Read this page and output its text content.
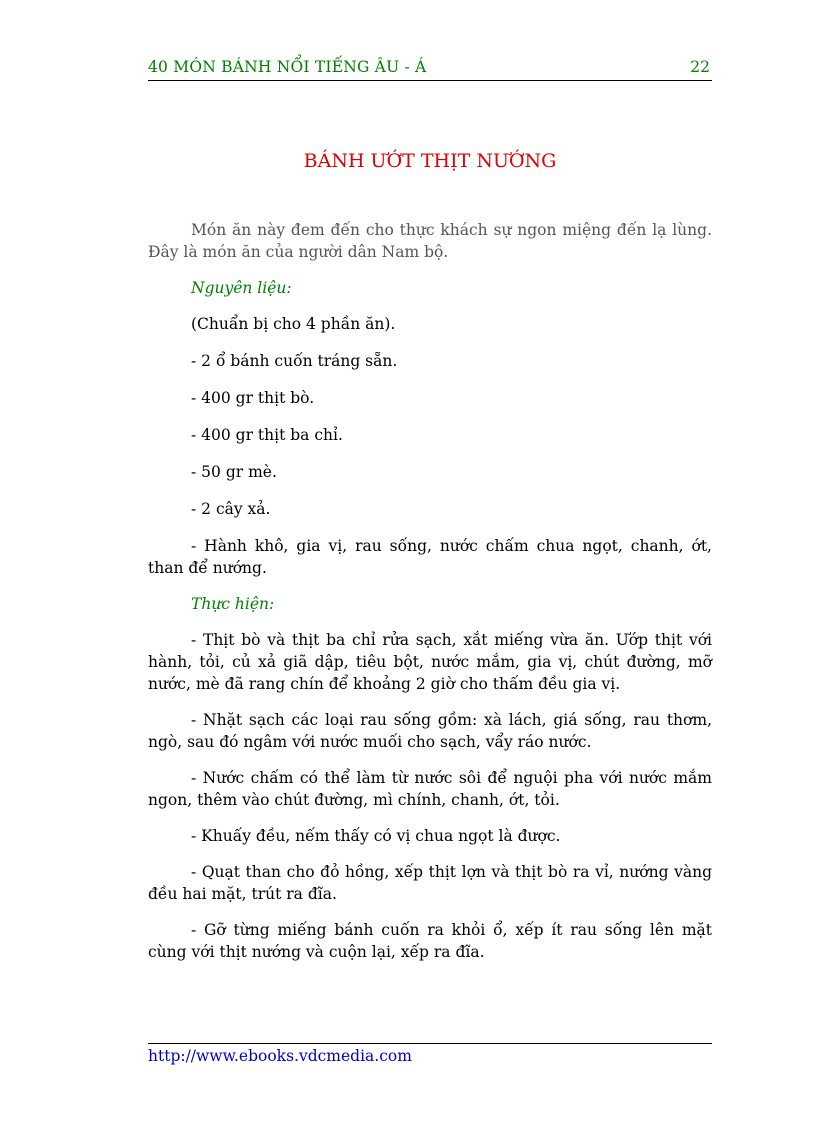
40 MÓN BÁNH NỔI TIẾNG ÂU - Á	22
BÁNH ƯỚT THỊT NƯỚNG

Món ăn này đem đến cho thực khách sự ngon miệng đến lạ lùng. Đây là món ăn của người dân Nam bộ.

Nguyên liệu:
(Chuẩn bị cho 4 phần ăn).
- 2 ổ bánh cuốn tráng sẵn.
- 400 gr thịt bò.
- 400 gr thịt ba chỉ.
- 50 gr mè.
- 2 cây xả.

- Hành khô, gia vị, rau sống, nước chấm chua ngọt, chanh, ớt, than để nướng.

Thực hiện:

- Thịt bò và thịt ba chỉ rửa sạch, xắt miếng vừa ăn. Ướp thịt với hành, tỏi, củ xả giã dập, tiêu bột, nước mắm, gia vị, chút đường, mỡ nước, mè đã rang chín để khoảng 2 giờ cho thấm đều gia vị.

- Nhặt sạch các loại rau sống gồm: xà lách, giá sống, rau thơm, ngò, sau đó ngâm với nước muối cho sạch, vẩy ráo nước.

- Nước chấm có thể làm từ nước sôi để nguội pha với nước mắm ngon, thêm vào chút đường, mì chính, chanh, ớt, tỏi.

- Khuấy đều, nếm thấy có vị chua ngọt là được.

- Quạt than cho đỏ hồng, xếp thịt lợn và thịt bò ra vỉ, nướng vàng đều hai mặt, trút ra đĩa.

- Gỡ từng miếng bánh cuốn ra khỏi ổ, xếp ít rau sống lên mặt cùng với thịt nướng và cuộn lại, xếp ra đĩa.

http://www.ebooks.vdcmedia.com
